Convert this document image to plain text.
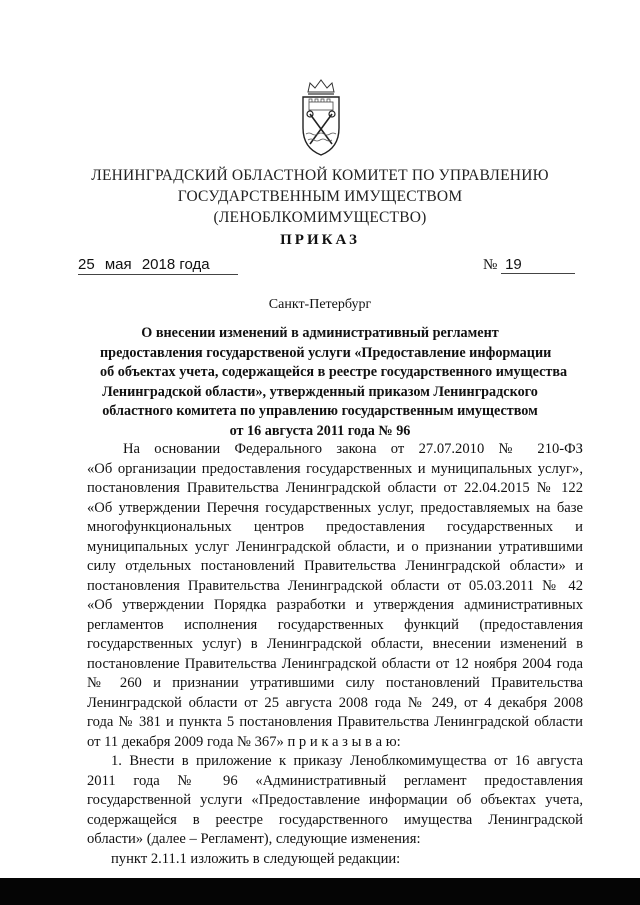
ЛЕНИНГРАДСКИЙ ОБЛАСТНОЙ КОМИТЕТ ПО УПРАВЛЕНИЮ
ГОСУДАРСТВЕННЫМ ИМУЩЕСТВОМ
(ЛЕНОБЛКОМИМУЩЕСТВО)
ПРИКАЗ
25 мая 2018 года	№ 19
Санкт-Петербург
О внесении изменений в административный регламент
предоставления государственой услуги «Предоставление информации
об объектах учета, содержащейся в реестре государственного имущества
Ленинградской области», утвержденный приказом Ленинградского
областного комитета по управлению государственным имуществом
от 16 августа 2011 года № 96
На основании Федерального закона от 27.07.2010 № 210-ФЗ
«Об организации предоставления государственных и муниципальных услуг»,
постановления Правительства Ленинградской области от 22.04.2015 № 122
«Об утверждении Перечня государственных услуг, предоставляемых на базе
многофункциональных центров предоставления государственных и
муниципальных услуг Ленинградской области, и о признании утратившими
силу отдельных постановлений Правительства Ленинградской области» и
постановления Правительства Ленинградской области от 05.03.2011 № 42
«Об утверждении Порядка разработки и утверждения административных
регламентов исполнения государственных функций (предоставления
государственных услуг) в Ленинградской области, внесении изменений в
постановление Правительства Ленинградской области от 12 ноября 2004 года
№ 260 и признании утратившими силу постановлений Правительства
Ленинградской области от 25 августа 2008 года № 249, от 4 декабря 2008
года № 381 и пункта 5 постановления Правительства Ленинградской области
от 11 декабря 2009 года № 367» п р и к а з ы в а ю:
1. Внести в приложение к приказу Леноблкомимущества от 16 августа
2011 года № 96 «Административный регламент предоставления
государственной услуги «Предоставление информации об объектах учета,
содержащейся в реестре государственного имущества Ленинградской
области» (далее – Регламент), следующие изменения:
пункт 2.11.1 изложить в следующей редакции:
